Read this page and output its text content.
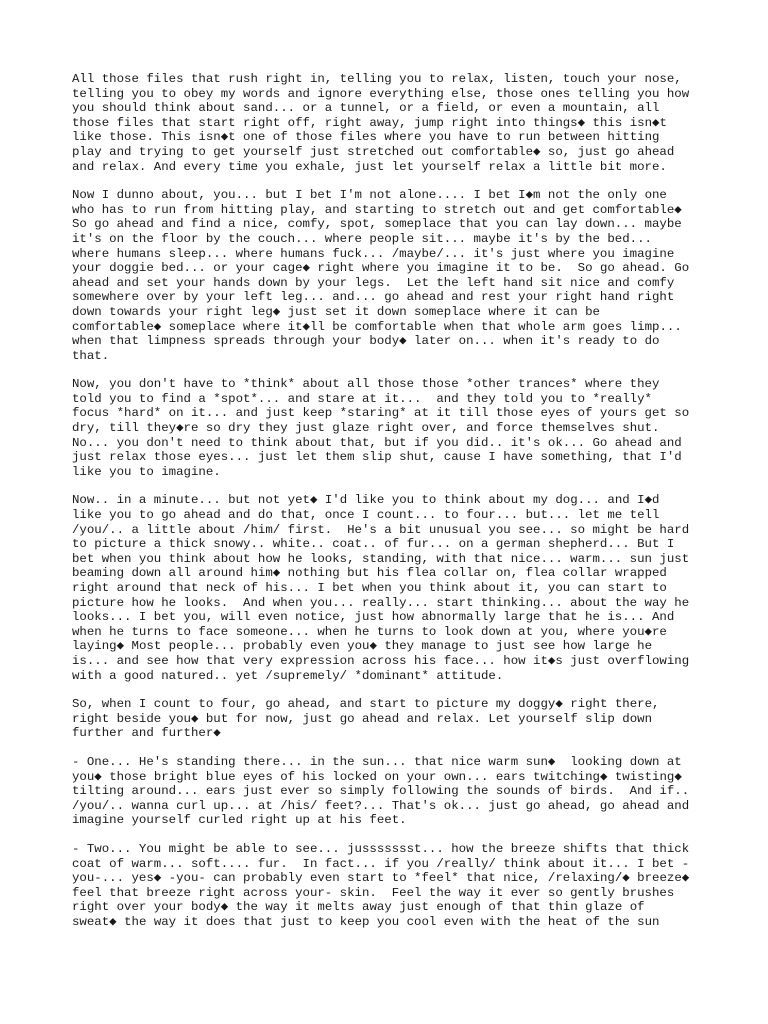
All those files that rush right in, telling you to relax, listen, touch your nose,
telling you to obey my words and ignore everything else, those ones telling you how
you should think about sand... or a tunnel, or a field, or even a mountain, all
those files that start right off, right away, jump right into things◆ this isn◆t
like those. This isn◆t one of those files where you have to run between hitting
play and trying to get yourself just stretched out comfortable◆ so, just go ahead
and relax. And every time you exhale, just let yourself relax a little bit more.

Now I dunno about, you... but I bet I'm not alone.... I bet I◆m not the only one
who has to run from hitting play, and starting to stretch out and get comfortable◆
So go ahead and find a nice, comfy, spot, someplace that you can lay down... maybe
it's on the floor by the couch... where people sit... maybe it's by the bed...
where humans sleep... where humans fuck... /maybe/... it's just where you imagine
your doggie bed... or your cage◆ right where you imagine it to be.  So go ahead. Go
ahead and set your hands down by your legs.  Let the left hand sit nice and comfy
somewhere over by your left leg... and... go ahead and rest your right hand right
down towards your right leg◆ just set it down someplace where it can be
comfortable◆ someplace where it◆ll be comfortable when that whole arm goes limp...
when that limpness spreads through your body◆ later on... when it's ready to do
that.

Now, you don't have to *think* about all those those *other trances* where they
told you to find a *spot*... and stare at it...  and they told you to *really*
focus *hard* on it... and just keep *staring* at it till those eyes of yours get so
dry, till they◆re so dry they just glaze right over, and force themselves shut.
No... you don't need to think about that, but if you did.. it's ok... Go ahead and
just relax those eyes... just let them slip shut, cause I have something, that I'd
like you to imagine.

Now.. in a minute... but not yet◆ I'd like you to think about my dog... and I◆d
like you to go ahead and do that, once I count... to four... but... let me tell
/you/.. a little about /him/ first.  He's a bit unusual you see... so might be hard
to picture a thick snowy.. white.. coat.. of fur... on a german shepherd... But I
bet when you think about how he looks, standing, with that nice... warm... sun just
beaming down all around him◆ nothing but his flea collar on, flea collar wrapped
right around that neck of his... I bet when you think about it, you can start to
picture how he looks.  And when you... really... start thinking... about the way he
looks... I bet you, will even notice, just how abnormally large that he is... And
when he turns to face someone... when he turns to look down at you, where you◆re
laying◆ Most people... probably even you◆ they manage to just see how large he
is... and see how that very expression across his face... how it◆s just overflowing
with a good natured.. yet /supremely/ *dominant* attitude.

So, when I count to four, go ahead, and start to picture my doggy◆ right there,
right beside you◆ but for now, just go ahead and relax. Let yourself slip down
further and further◆

- One... He's standing there... in the sun... that nice warm sun◆  looking down at
you◆ those bright blue eyes of his locked on your own... ears twitching◆ twisting◆
tilting around... ears just ever so simply following the sounds of birds.  And if..
/you/.. wanna curl up... at /his/ feet?... That's ok... just go ahead, go ahead and
imagine yourself curled right up at his feet.

- Two... You might be able to see... jussssssst... how the breeze shifts that thick
coat of warm... soft.... fur.  In fact... if you /really/ think about it... I bet -
you-... yes◆ -you- can probably even start to *feel* that nice, /relaxing/◆ breeze◆
feel that breeze right across your- skin.  Feel the way it ever so gently brushes
right over your body◆ the way it melts away just enough of that thin glaze of
sweat◆ the way it does that just to keep you cool even with the heat of the sun
